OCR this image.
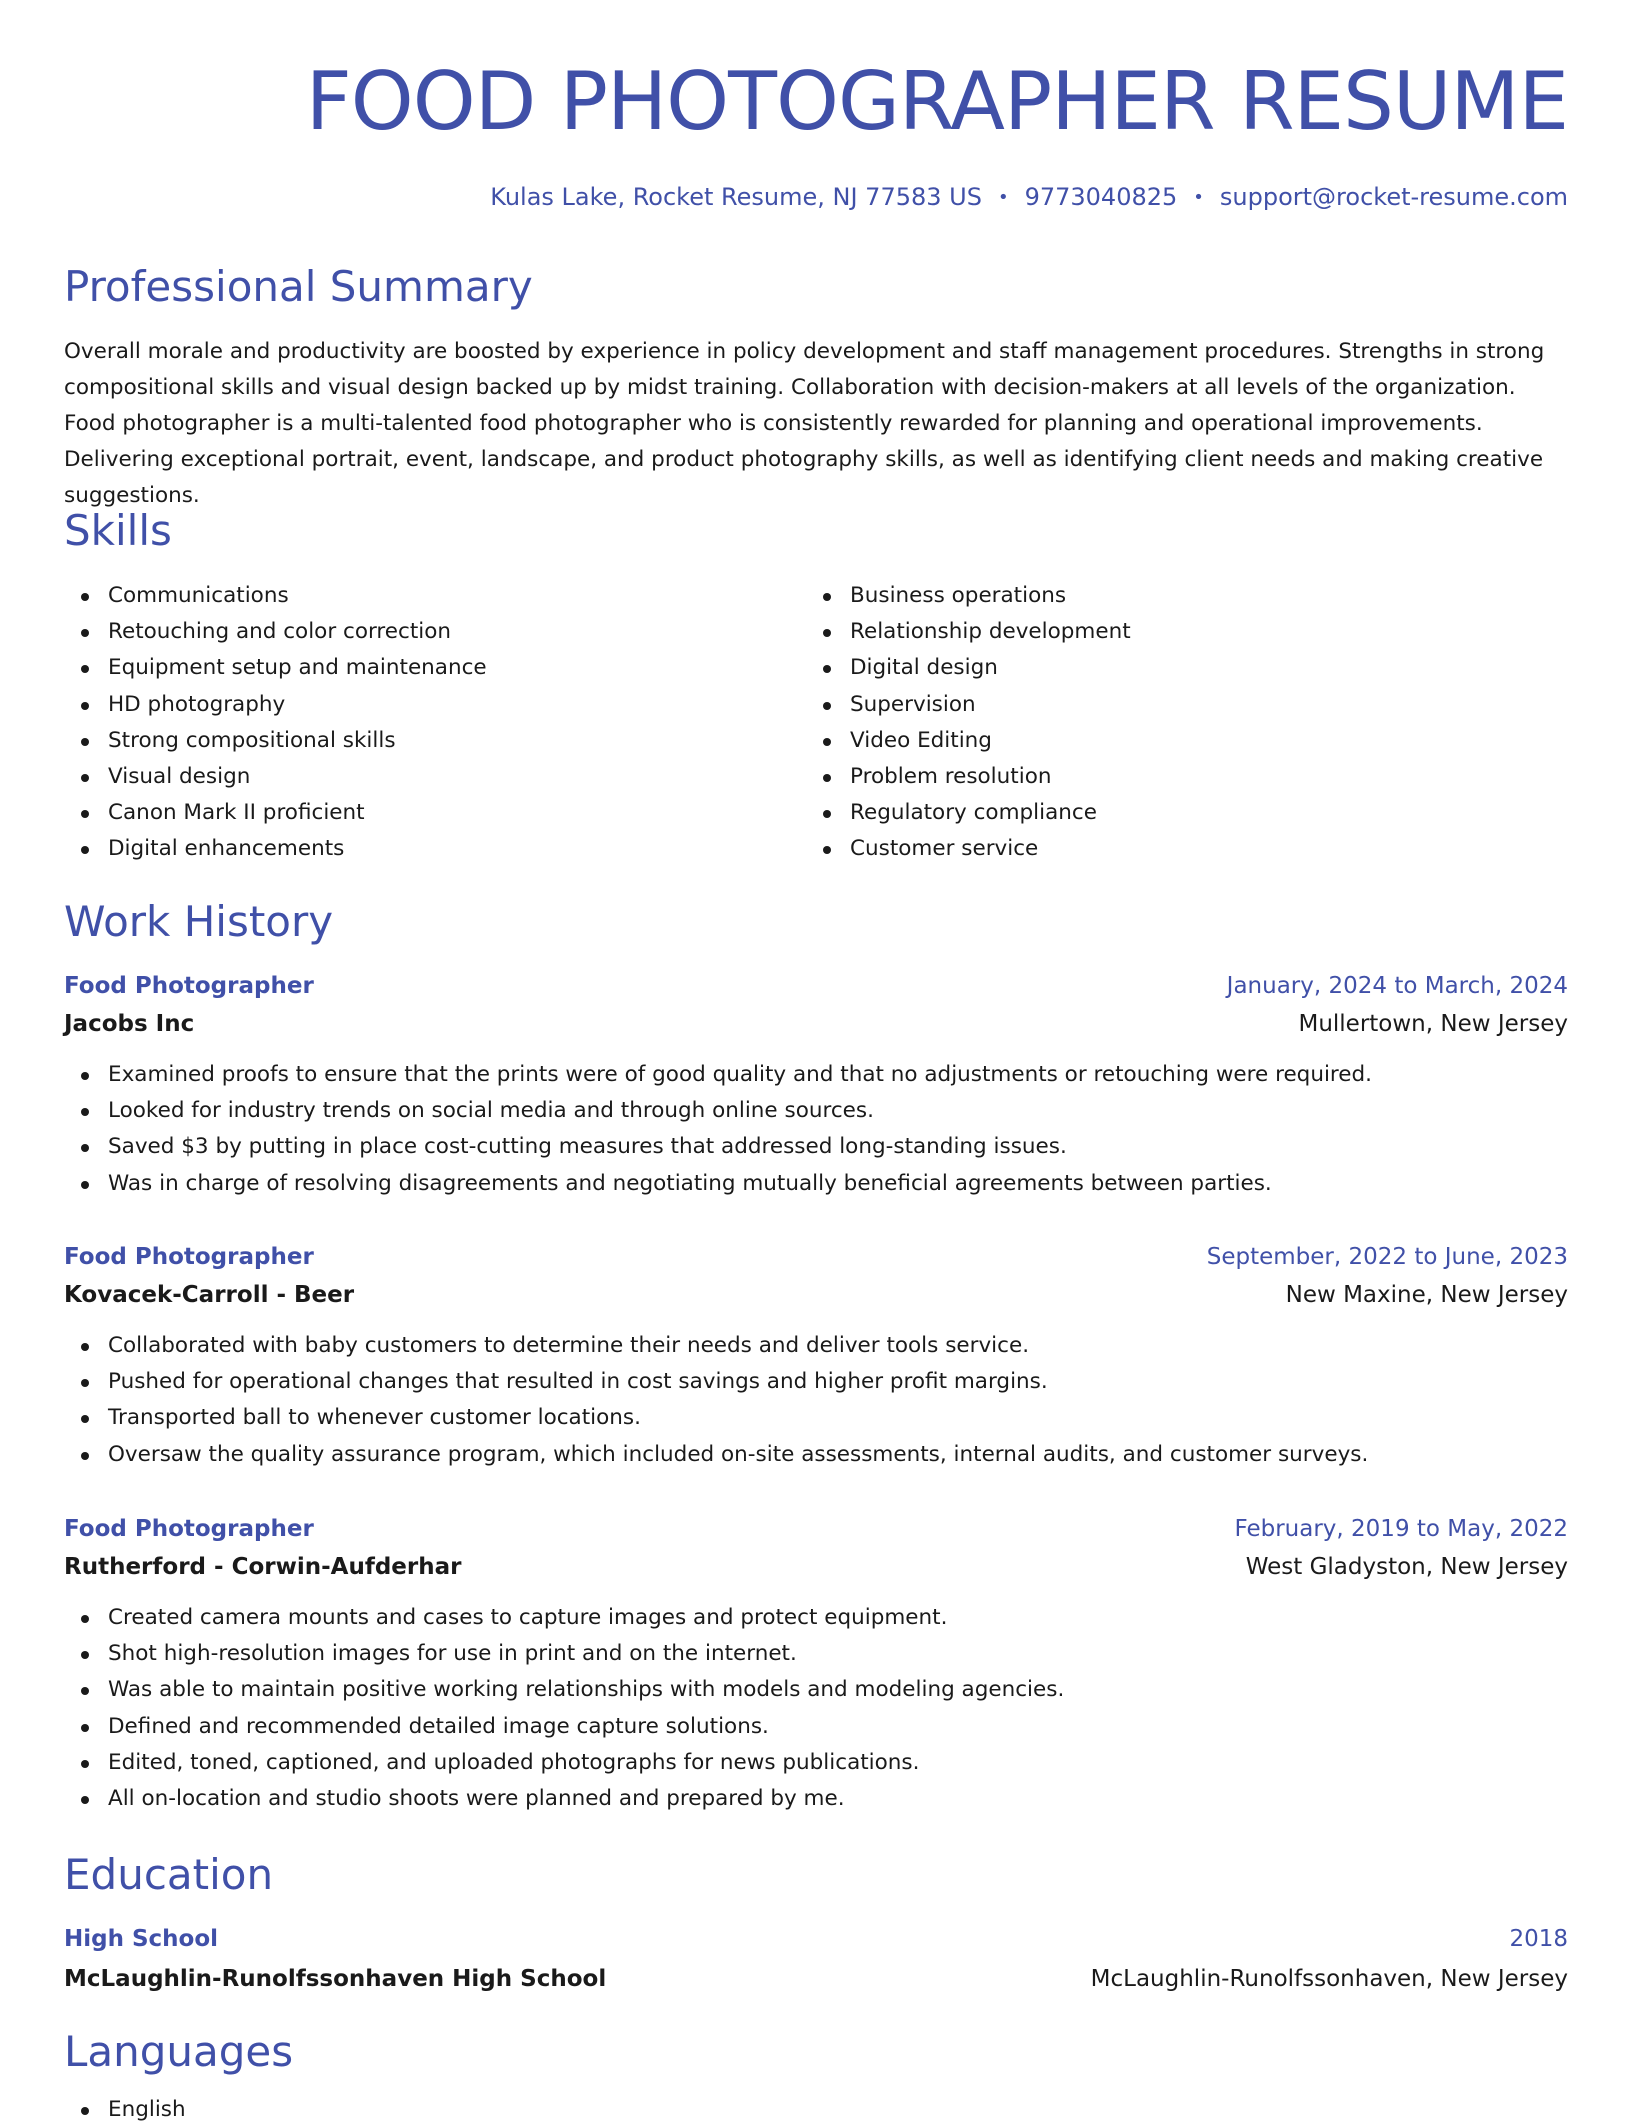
FOOD PHOTOGRAPHER RESUME
Kulas Lake, Rocket Resume, NJ 77583 US • 9773040825 • support@rocket-resume.com
Professional Summary

Overall morale and productivity are boosted by experience in policy development and staff management procedures. Strengths in strong compositional skills and visual design backed up by midst training. Collaboration with decision-makers at all levels of the organization. Food photographer is a multi-talented food photographer who is consistently rewarded for planning and operational improvements. Delivering exceptional portrait, event, landscape, and product photography skills, as well as identifying client needs and making creative suggestions.

Skills
Communications
Retouching and color correction
Equipment setup and maintenance
HD photography
Strong compositional skills
Visual design
Canon Mark II proficient
Digital enhancements
Business operations
Relationship development
Digital design
Supervision
Video Editing
Problem resolution
Regulatory compliance
Customer service
Work History
Food Photographer	January, 2024 to March, 2024
Jacobs Inc	Mullertown, New Jersey
Examined proofs to ensure that the prints were of good quality and that no adjustments or retouching were required.
Looked for industry trends on social media and through online sources.
Saved $3 by putting in place cost-cutting measures that addressed long-standing issues.
Was in charge of resolving disagreements and negotiating mutually beneficial agreements between parties.
Food Photographer	September, 2022 to June, 2023
Kovacek-Carroll - Beer	New Maxine, New Jersey
Collaborated with baby customers to determine their needs and deliver tools service.
Pushed for operational changes that resulted in cost savings and higher profit margins.
Transported ball to whenever customer locations.
Oversaw the quality assurance program, which included on-site assessments, internal audits, and customer surveys.
Food Photographer	February, 2019 to May, 2022
Rutherford - Corwin-Aufderhar	West Gladyston, New Jersey
Created camera mounts and cases to capture images and protect equipment.
Shot high-resolution images for use in print and on the internet.
Was able to maintain positive working relationships with models and modeling agencies.
Defined and recommended detailed image capture solutions.
Edited, toned, captioned, and uploaded photographs for news publications.
All on-location and studio shoots were planned and prepared by me.
Education
High School	2018
McLaughlin-Runolfssonhaven High School	McLaughlin-Runolfssonhaven, New Jersey
Languages
English
